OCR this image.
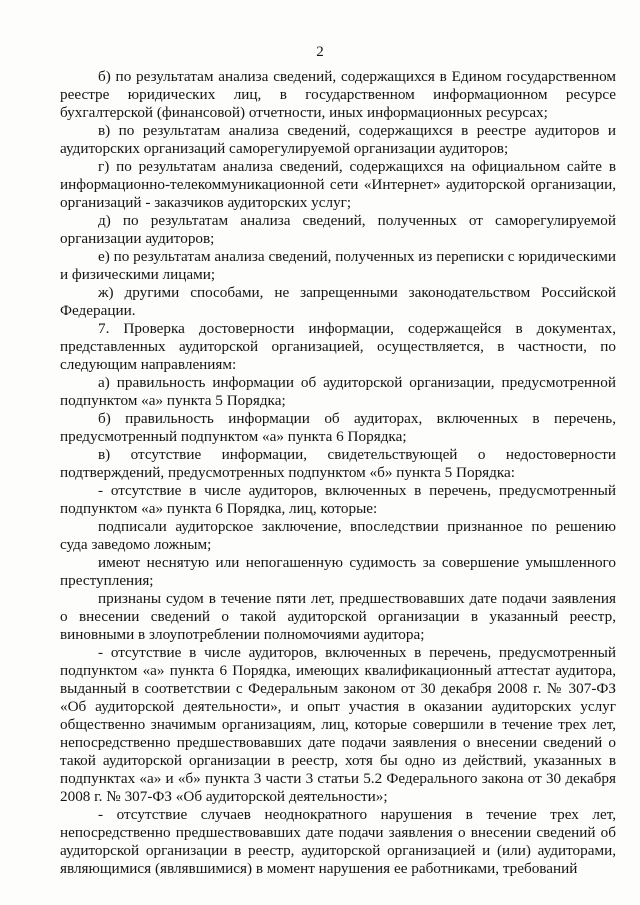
2

б) по результатам анализа сведений, содержащихся в Едином государственном реестре юридических лиц, в государственном информационном ресурсе бухгалтерской (финансовой) отчетности, иных информационных ресурсах;

в) по результатам анализа сведений, содержащихся в реестре аудиторов и аудиторских организаций саморегулируемой организации аудиторов;

г) по результатам анализа сведений, содержащихся на официальном сайте в информационно-телекоммуникационной сети «Интернет» аудиторской организации, организаций - заказчиков аудиторских услуг;

д) по результатам анализа сведений, полученных от саморегулируемой организации аудиторов;

е) по результатам анализа сведений, полученных из переписки с юридическими и физическими лицами;

ж) другими способами, не запрещенными законодательством Российской Федерации.

7. Проверка достоверности информации, содержащейся в документах, представленных аудиторской организацией, осуществляется, в частности, по следующим направлениям:

а) правильность информации об аудиторской организации, предусмотренной подпунктом «а» пункта 5 Порядка;

б) правильность информации об аудиторах, включенных в перечень, предусмотренный подпунктом «а» пункта 6 Порядка;

в) отсутствие информации, свидетельствующей о недостоверности подтверждений, предусмотренных подпунктом «б» пункта 5 Порядка:

- отсутствие в числе аудиторов, включенных в перечень, предусмотренный подпунктом «а» пункта 6 Порядка, лиц, которые:

подписали аудиторское заключение, впоследствии признанное по решению суда заведомо ложным;

имеют неснятую или непогашенную судимость за совершение умышленного преступления;

признаны судом в течение пяти лет, предшествовавших дате подачи заявления о внесении сведений о такой аудиторской организации в указанный реестр, виновными в злоупотреблении полномочиями аудитора;

- отсутствие в числе аудиторов, включенных в перечень, предусмотренный подпунктом «а» пункта 6 Порядка, имеющих квалификационный аттестат аудитора, выданный в соответствии с Федеральным законом от 30 декабря 2008 г. № 307-ФЗ «Об аудиторской деятельности», и опыт участия в оказании аудиторских услуг общественно значимым организациям, лиц, которые совершили в течение трех лет, непосредственно предшествовавших дате подачи заявления о внесении сведений о такой аудиторской организации в реестр, хотя бы одно из действий, указанных в подпунктах «а» и «б» пункта 3 части 3 статьи 5.2 Федерального закона от 30 декабря 2008 г. № 307-ФЗ «Об аудиторской деятельности»;

- отсутствие случаев неоднократного нарушения в течение трех лет, непосредственно предшествовавших дате подачи заявления о внесении сведений об аудиторской организации в реестр, аудиторской организацией и (или) аудиторами, являющимися (являвшимися) в момент нарушения ее работниками, требований
